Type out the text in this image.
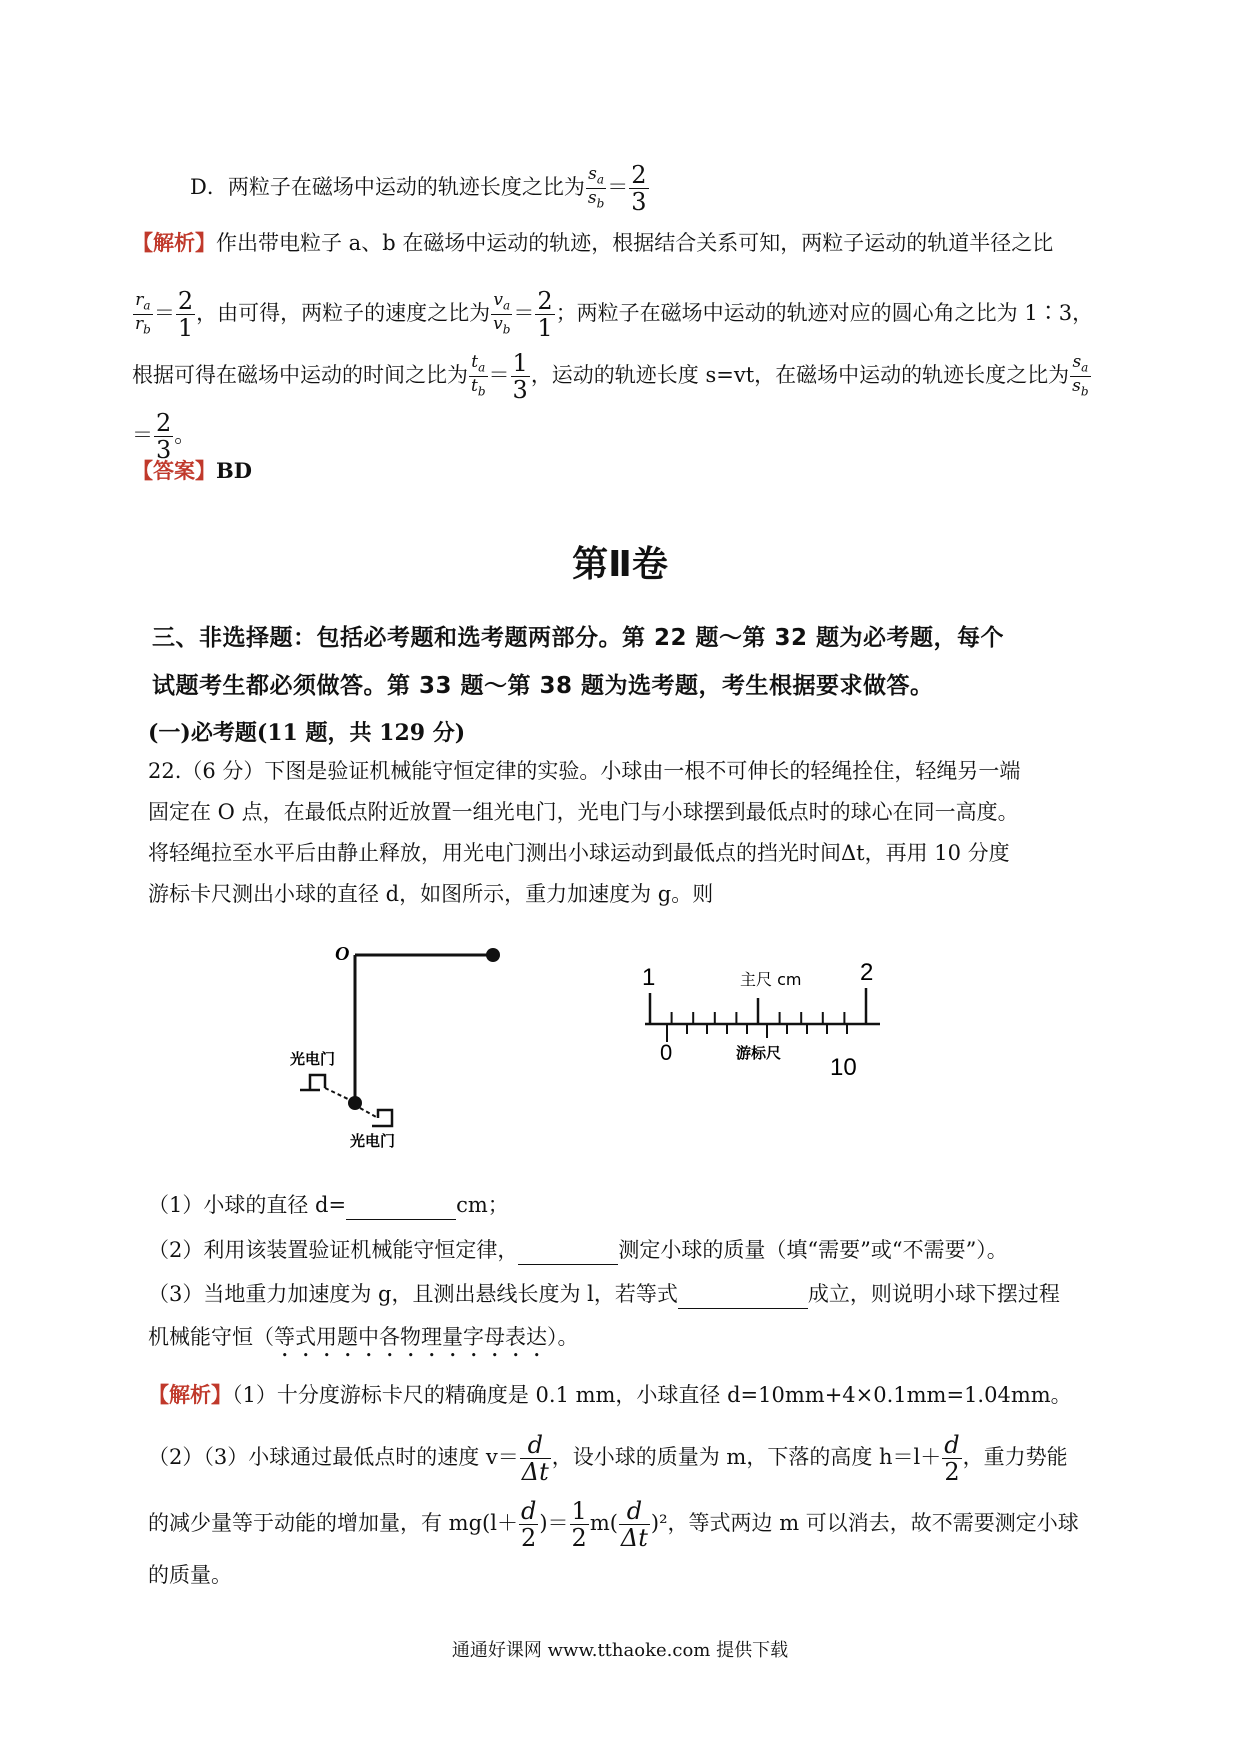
D．两粒子在磁场中运动的轨迹长度之比为 $\frac{s_a}{s_b} = \frac{2}{3}$
【解析】作出带电粒子 a、b 在磁场中运动的轨迹，根据结合关系可知，两粒子运动的轨道半径之比
$\frac{r_a}{r_b} = \frac{2}{1}$ ，由可得，两粒子的速度之比为 $\frac{v_a}{v_b} = \frac{2}{1}$ ；两粒子在磁场中运动的轨迹对应的圆心角之比为 1∶3，
根据可得在磁场中运动的时间之比为 $\frac{t_a}{t_b} = \frac{1}{3}$ ，运动的轨迹长度 s=vt，在磁场中运动的轨迹长度之比为 $\frac{s_a}{s_b}$
＝ $\frac{2}{3}$ 。
【答案】BD
第Ⅱ卷
三、非选择题：包括必考题和选考题两部分。第 22 题～第 32 题为必考题，每个
试题考生都必须做答。第 33 题～第 38 题为选考题，考生根据要求做答。
(一)必考题(11 题，共 129 分)
22.（6 分）下图是验证机械能守恒定律的实验。小球由一根不可伸长的轻绳拴住，轻绳另一端
固定在 O 点，在最低点附近放置一组光电门，光电门与小球摆到最低点时的球心在同一高度。
将轻绳拉至水平后由静止释放，用光电门测出小球运动到最低点的挡光时间Δt，再用 10 分度
游标卡尺测出小球的直径 d，如图所示，重力加速度为 g。则
O
光电门
光电门
1	2
主尺 cm
0	游标尺
10
（1）小球的直径 d=	cm；
（2）利用该装置验证机械能守恒定律，	测定小球的质量（填“需要”或“不需要”）。
（3）当地重力加速度为 g，且测出悬线长度为 l，若等式	成立，则说明小球下摆过程
机械能守恒（等式用题中各物理量字母表达）。
【解析】（1）十分度游标卡尺的精确度是 0.1 mm，小球直径 d=10mm+4×0.1mm=1.04mm。
（2）（3）小球通过最低点时的速度 $v= \frac{d}{\Delta t}$ ，设小球的质量为 m，下落的高度 $h=l+ \frac{d}{2}$ ，重力势能
的减少量等于动能的增加量，有 $mg(l+ \frac{d}{2}$ )＝ $\frac{1}{2} m( \frac{d}{\Delta t} )^2$，等式两边 m 可以消去，故不需要测定小球
的质量。
通通好课网 www.tthaoke.com 提供下载
